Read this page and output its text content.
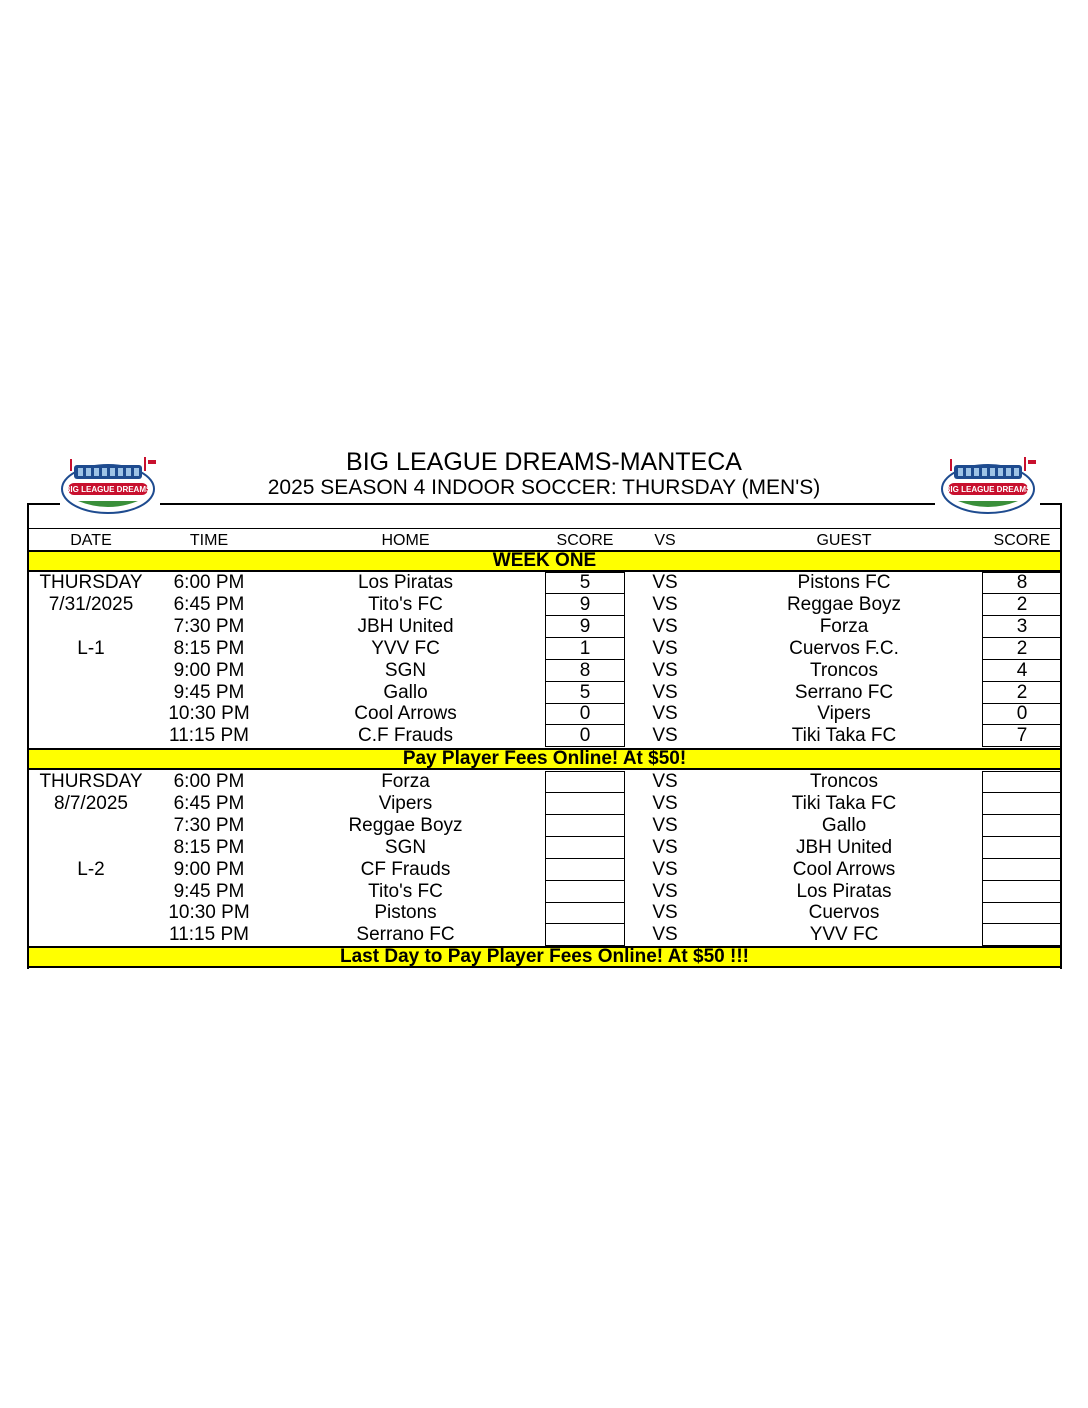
BIG LEAGUE DREAMS-MANTECA
2025 SEASON 4 INDOOR SOCCER: THURSDAY (MEN'S)
BIG LEAGUE DREAMS	BIG LEAGUE DREAMS
DATE	TIME	HOME	SCORE	VS	GUEST	SCORE
WEEK ONE
THURSDAY	6:00 PM	Los Piratas	5	VS	Pistons FC	8
7/31/2025	6:45 PM	Tito's FC	9	VS	Reggae Boyz	2
7:30 PM	JBH United	9	VS	Forza	3
L-1	8:15 PM	YVV FC	1	VS	Cuervos F.C.	2
9:00 PM	SGN	8	VS	Troncos	4
9:45 PM	Gallo	5	VS	Serrano FC	2
10:30 PM	Cool Arrows	0	VS	Vipers	0
11:15 PM	C.F Frauds	0	VS	Tiki Taka FC	7
Pay Player Fees Online! At $50!
THURSDAY	6:00 PM	Forza	VS	Troncos
8/7/2025	6:45 PM	Vipers	VS	Tiki Taka FC
7:30 PM	Reggae Boyz	VS	Gallo
8:15 PM	SGN	VS	JBH United
L-2	9:00 PM	CF Frauds	VS	Cool Arrows
9:45 PM	Tito's FC	VS	Los Piratas
10:30 PM	Pistons	VS	Cuervos
11:15 PM	Serrano FC	VS	YVV FC
Last Day to Pay Player Fees Online! At $50 !!!
